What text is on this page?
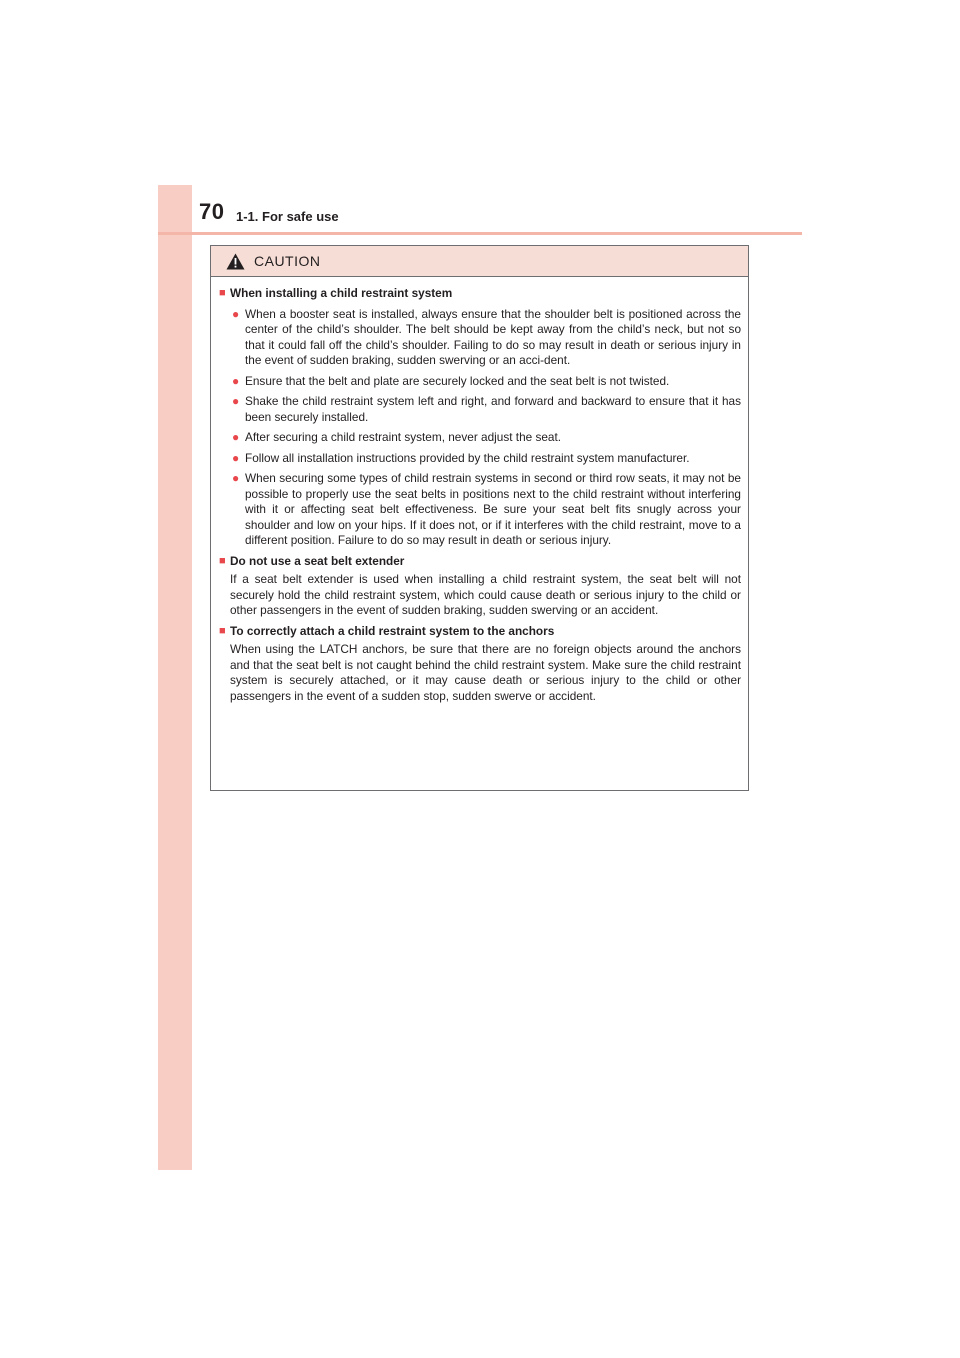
70 1-1. For safe use
CAUTION
■ When installing a child restraint system
● When a booster seat is installed, always ensure that the shoulder belt is positioned across the center of the child’s shoulder. The belt should be kept away from the child’s neck, but not so that it could fall off the child’s shoulder. Failing to do so may result in death or serious injury in the event of sudden braking, sudden swerving or an acci-dent.
● Ensure that the belt and plate are securely locked and the seat belt is not twisted.
● Shake the child restraint system left and right, and forward and backward to ensure that it has been securely installed.
● After securing a child restraint system, never adjust the seat.
● Follow all installation instructions provided by the child restraint system manufacturer.
● When securing some types of child restrain systems in second or third row seats, it may not be possible to properly use the seat belts in positions next to the child restraint without interfering with it or affecting seat belt effectiveness. Be sure your seat belt fits snugly across your shoulder and low on your hips. If it does not, or if it interferes with the child restraint, move to a different position. Failure to do so may result in death or serious injury.
■ Do not use a seat belt extender
If a seat belt extender is used when installing a child restraint system, the seat belt will not securely hold the child restraint system, which could cause death or serious injury to the child or other passengers in the event of sudden braking, sudden swerving or an accident.
■ To correctly attach a child restraint system to the anchors
When using the LATCH anchors, be sure that there are no foreign objects around the anchors and that the seat belt is not caught behind the child restraint system. Make sure the child restraint system is securely attached, or it may cause death or serious injury to the child or other passengers in the event of a sudden stop, sudden swerve or accident.
